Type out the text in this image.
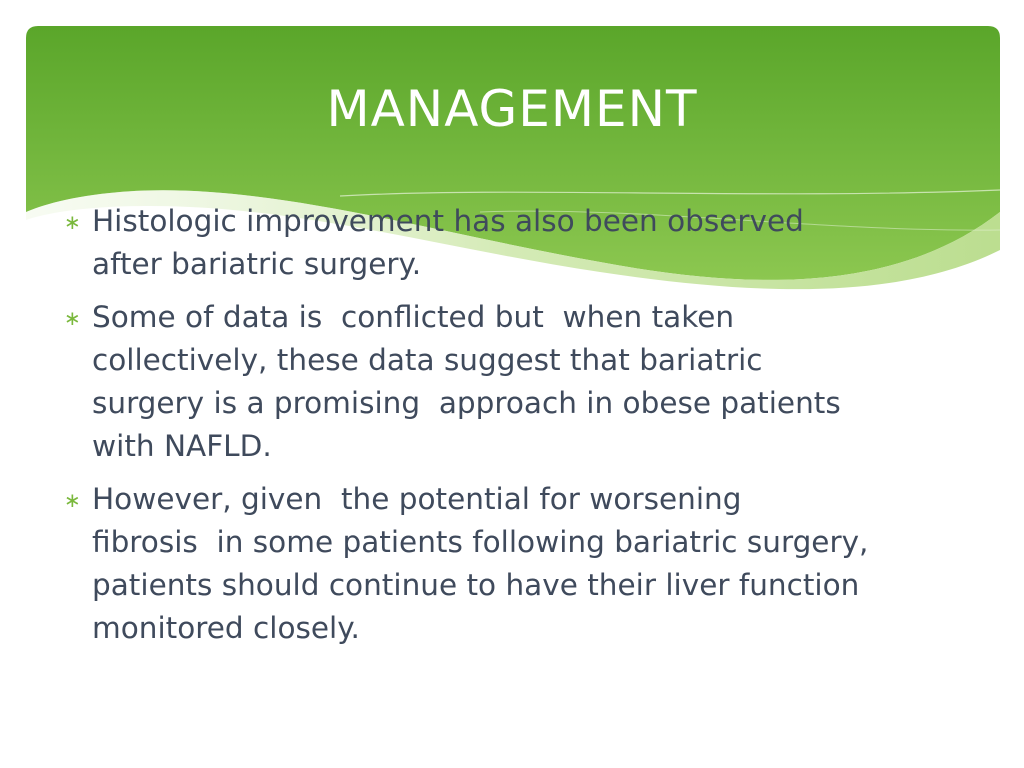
MANAGEMENT
∗ Histologic improvement has also been observed
after bariatric surgery.
∗ Some of data is  conflicted but  when taken
collectively, these data suggest that bariatric
surgery is a promising  approach in obese patients
with NAFLD.
∗ However, given  the potential for worsening
fibrosis  in some patients following bariatric surgery,
patients should continue to have their liver function
monitored closely.
